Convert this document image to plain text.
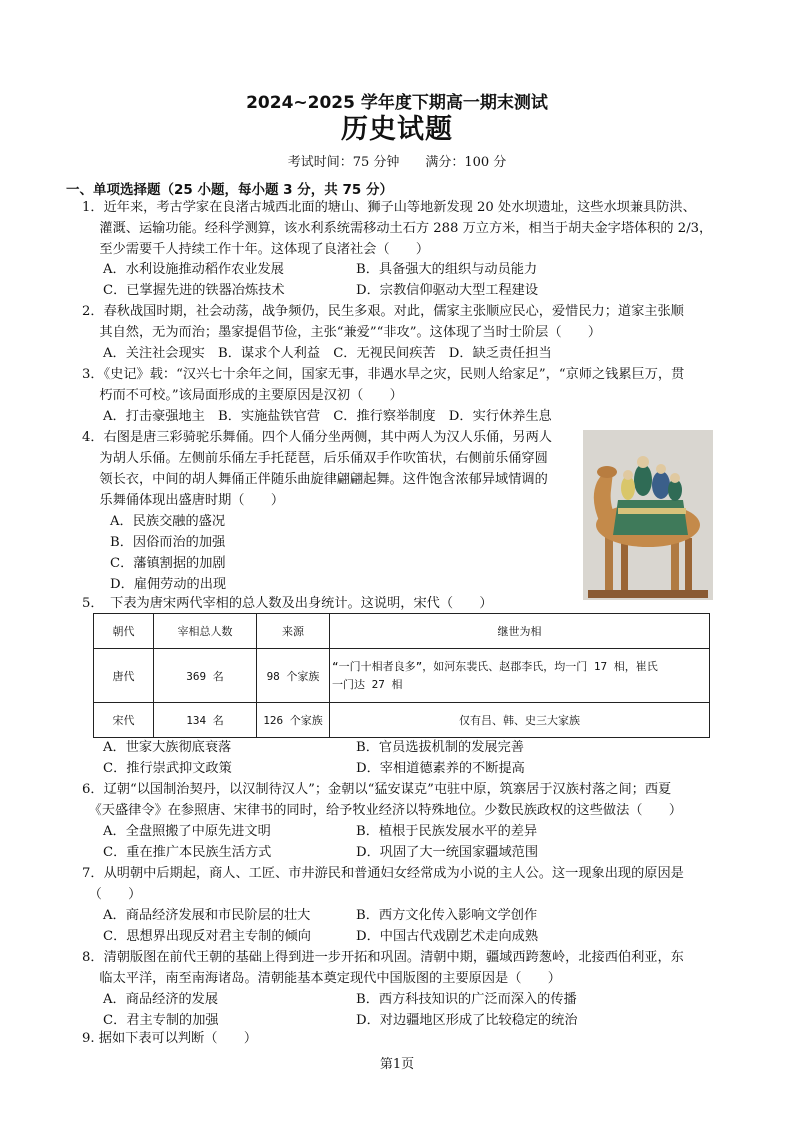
2024~2025 学年度下期高一期末测试
历史试题
考试时间：75 分钟　　满分：100 分
一、单项选择题（25 小题，每小题 3 分，共 75 分）
1．近年来，考古学家在良渚古城西北面的塘山、狮子山等地新发现 20 处水坝遗址，这些水坝兼具防洪、
　 灌溉、运输功能。经科学测算，该水利系统需移动土石方 288 万立方米，相当于胡夫金字塔体积的 2/3，
　 至少需要千人持续工作十年。这体现了良渚社会（　　）
A．水利设施推动稻作农业发展	B．具备强大的组织与动员能力
C．已掌握先进的铁器冶炼技术	D．宗教信仰驱动大型工程建设
2．春秋战国时期，社会动荡，战争频仍，民生多艰。对此，儒家主张顺应民心，爱惜民力；道家主张顺
　 其自然，无为而治；墨家提倡节俭，主张“兼爱”“非攻”。这体现了当时士阶层（　　）
A．关注社会现实　B．谋求个人利益　C．无视民间疾苦　D．缺乏责任担当
3．《史记》载：“汉兴七十余年之间，国家无事，非遇水旱之灾，民则人给家足”，“京师之钱累巨万，贯
　 朽而不可校。”该局面形成的主要原因是汉初（　　）
A．打击豪强地主　B．实施盐铁官营　C．推行察举制度　D．实行休养生息
4．右图是唐三彩骑驼乐舞俑。四个人俑分坐两侧，其中两人为汉人乐俑，另两人
　 为胡人乐俑。左侧前乐俑左手托琵琶，后乐俑双手作吹笛状，右侧前乐俑穿圆
　 领长衣，中间的胡人舞俑正伴随乐曲旋律翩翩起舞。这件饱含浓郁异域情调的
　 乐舞俑体现出盛唐时期（　　）
A．民族交融的盛况
B．因俗而治的加强
C．藩镇割据的加剧
D．雇佣劳动的出现
5．　下表为唐宋两代宰相的总人数及出身统计。这说明，宋代（　　）
朝代	宰相总人数	来源	继世为相
唐代	369 名	98 个家族	“一门十相者良多”，如河东裴氏、赵郡李氏，均一门 17 相，崔氏
一门达 27 相

宋代	134 名	126 个家族	仅有吕、韩、史三大家族
A．世家大族彻底衰落	B．官员选拔机制的发展完善
C．推行崇武抑文政策	D．宰相道德素养的不断提高
6．辽朝“以国制治契丹，以汉制待汉人”；金朝以“猛安谋克”屯驻中原，筑寨居于汉族村落之间；西夏
　《天盛律令》在参照唐、宋律书的同时，给予牧业经济以特殊地位。少数民族政权的这些做法（　　）
A．全盘照搬了中原先进文明	B．植根于民族发展水平的差异
C．重在推广本民族生活方式	D．巩固了大一统国家疆域范围
7．从明朝中后期起，商人、工匠、市井游民和普通妇女经常成为小说的主人公。这一现象出现的原因是
　（　　）
A．商品经济发展和市民阶层的壮大	B．西方文化传入影响文学创作
C．思想界出现反对君主专制的倾向	D．中国古代戏剧艺术走向成熟
8．清朝版图在前代王朝的基础上得到进一步开拓和巩固。清朝中期，疆域西跨葱岭，北接西伯利亚，东
　 临太平洋，南至南海诸岛。清朝能基本奠定现代中国版图的主要原因是（　　）
A．商品经济的发展	B．西方科技知识的广泛而深入的传播
C．君主专制的加强	D．对边疆地区形成了比较稳定的统治
9. 据如下表可以判断（　　）
第1页
